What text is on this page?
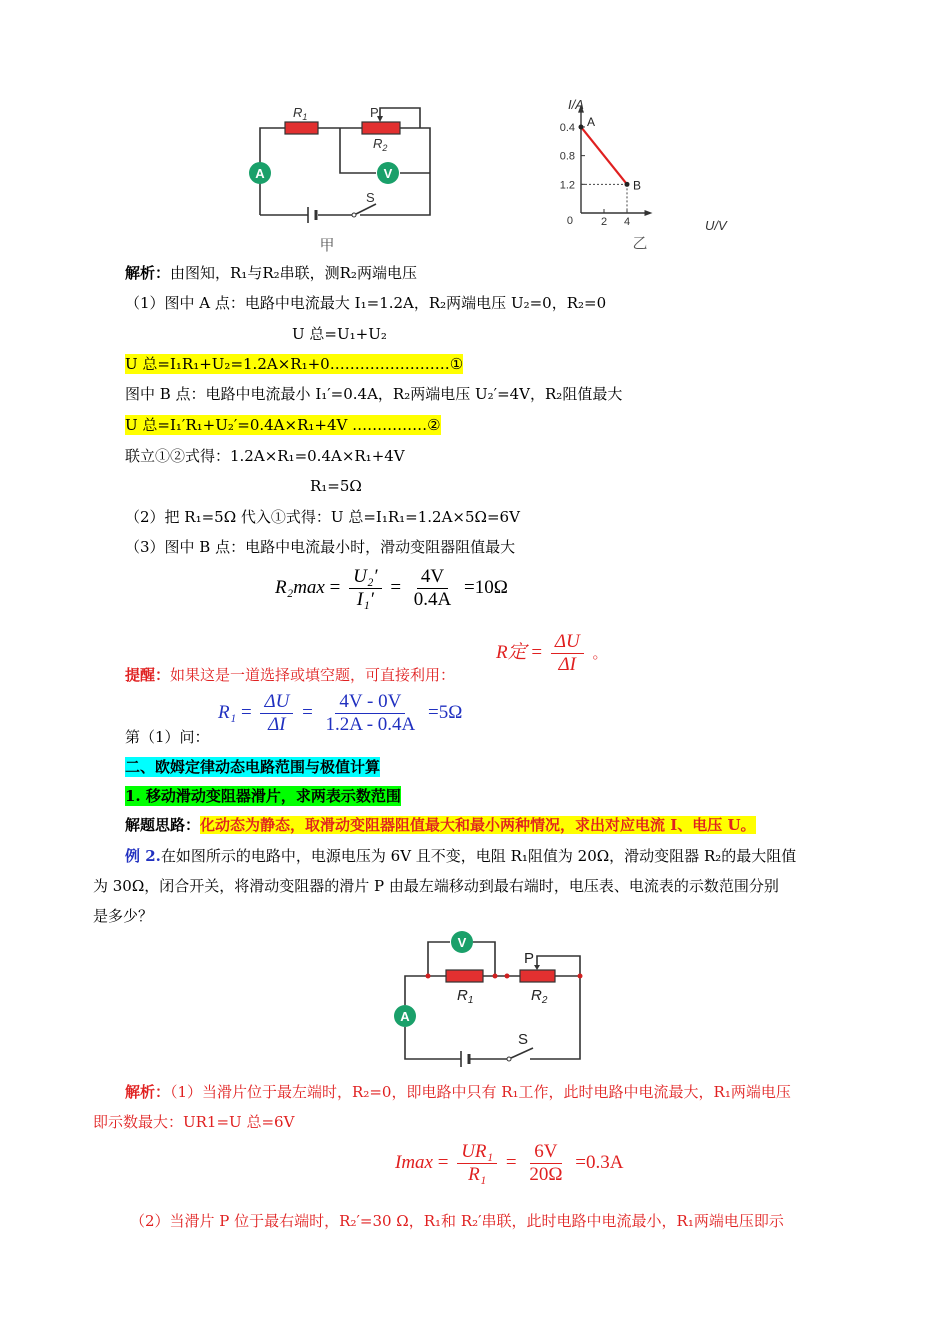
A	V
$R_1$	P
$R_2$
S
甲
1.2
0.8
0.4
2 4
A
B
I/A
U/V
0
乙
解析：由图知，R₁与R₂串联，测R₂两端电压
（1）图中 A 点：电路中电流最大 I₁=1.2A，R₂两端电压 U₂=0，R₂=0
U 总=U₁+U₂
U 总=I₁R₁+U₂=1.2A×R₁+0……………………①
图中 B 点：电路中电流最小 I₁′=0.4A，R₂两端电压 U₂′=4V，R₂阻值最大
U 总=I₁′R₁+U₂′=0.4A×R₁+4V ……………②
联立①②式得：1.2A×R₁=0.4A×R₁+4V
R₁=5Ω
（2）把 R₁=5Ω 代入①式得：U 总=I₁R₁=1.2A×5Ω=6V
（3）图中 B 点：电路中电流最小时，滑动变阻器阻值最大
$R_2\max = \frac{\text{U₂′}}{\text{I₁′}} = \frac{4V}{0.4A} =10\Omega$
提醒：如果这是一道选择或填空题，可直接利用：
R定 = $\frac{\Delta U}{\Delta I}$ 。
第（1）问：
$R_1 = \frac{\Delta U}{\Delta I} = \frac{4V - 0V}{1.2A - 0.4A} =5\Omega$
二、欧姆定律动态电路范围与极值计算
1. 移动滑动变阻器滑片，求两表示数范围
解题思路：化动态为静态，取滑动变阻器阻值最大和最小两种情况，求出对应电流 I、电压 U。
例 2.在如图所示的电路中，电源电压为 6V 且不变，电阻 R₁阻值为 20Ω，滑动变阻器 R₂的最大阻值
为 30Ω，闭合开关，将滑动变阻器的滑片 P 由最左端移动到最右端时，电压表、电流表的示数范围分别
是多少？
V
A
P
$R_1$	$R_2$
S
解析：（1）当滑片位于最左端时，R₂=0，即电路中只有 R₁工作，此时电路中电流最大，R₁两端电压
即示数最大：UR1=U 总=6V
$Imax = \frac{\text{UR₁}}{\text{R₁}} = \frac{6V}{20\Omega} =0.3A$
（2）当滑片 P 位于最右端时，R₂′=30 Ω，R₁和 R₂′串联，此时电路中电流最小，R₁两端电压即示
